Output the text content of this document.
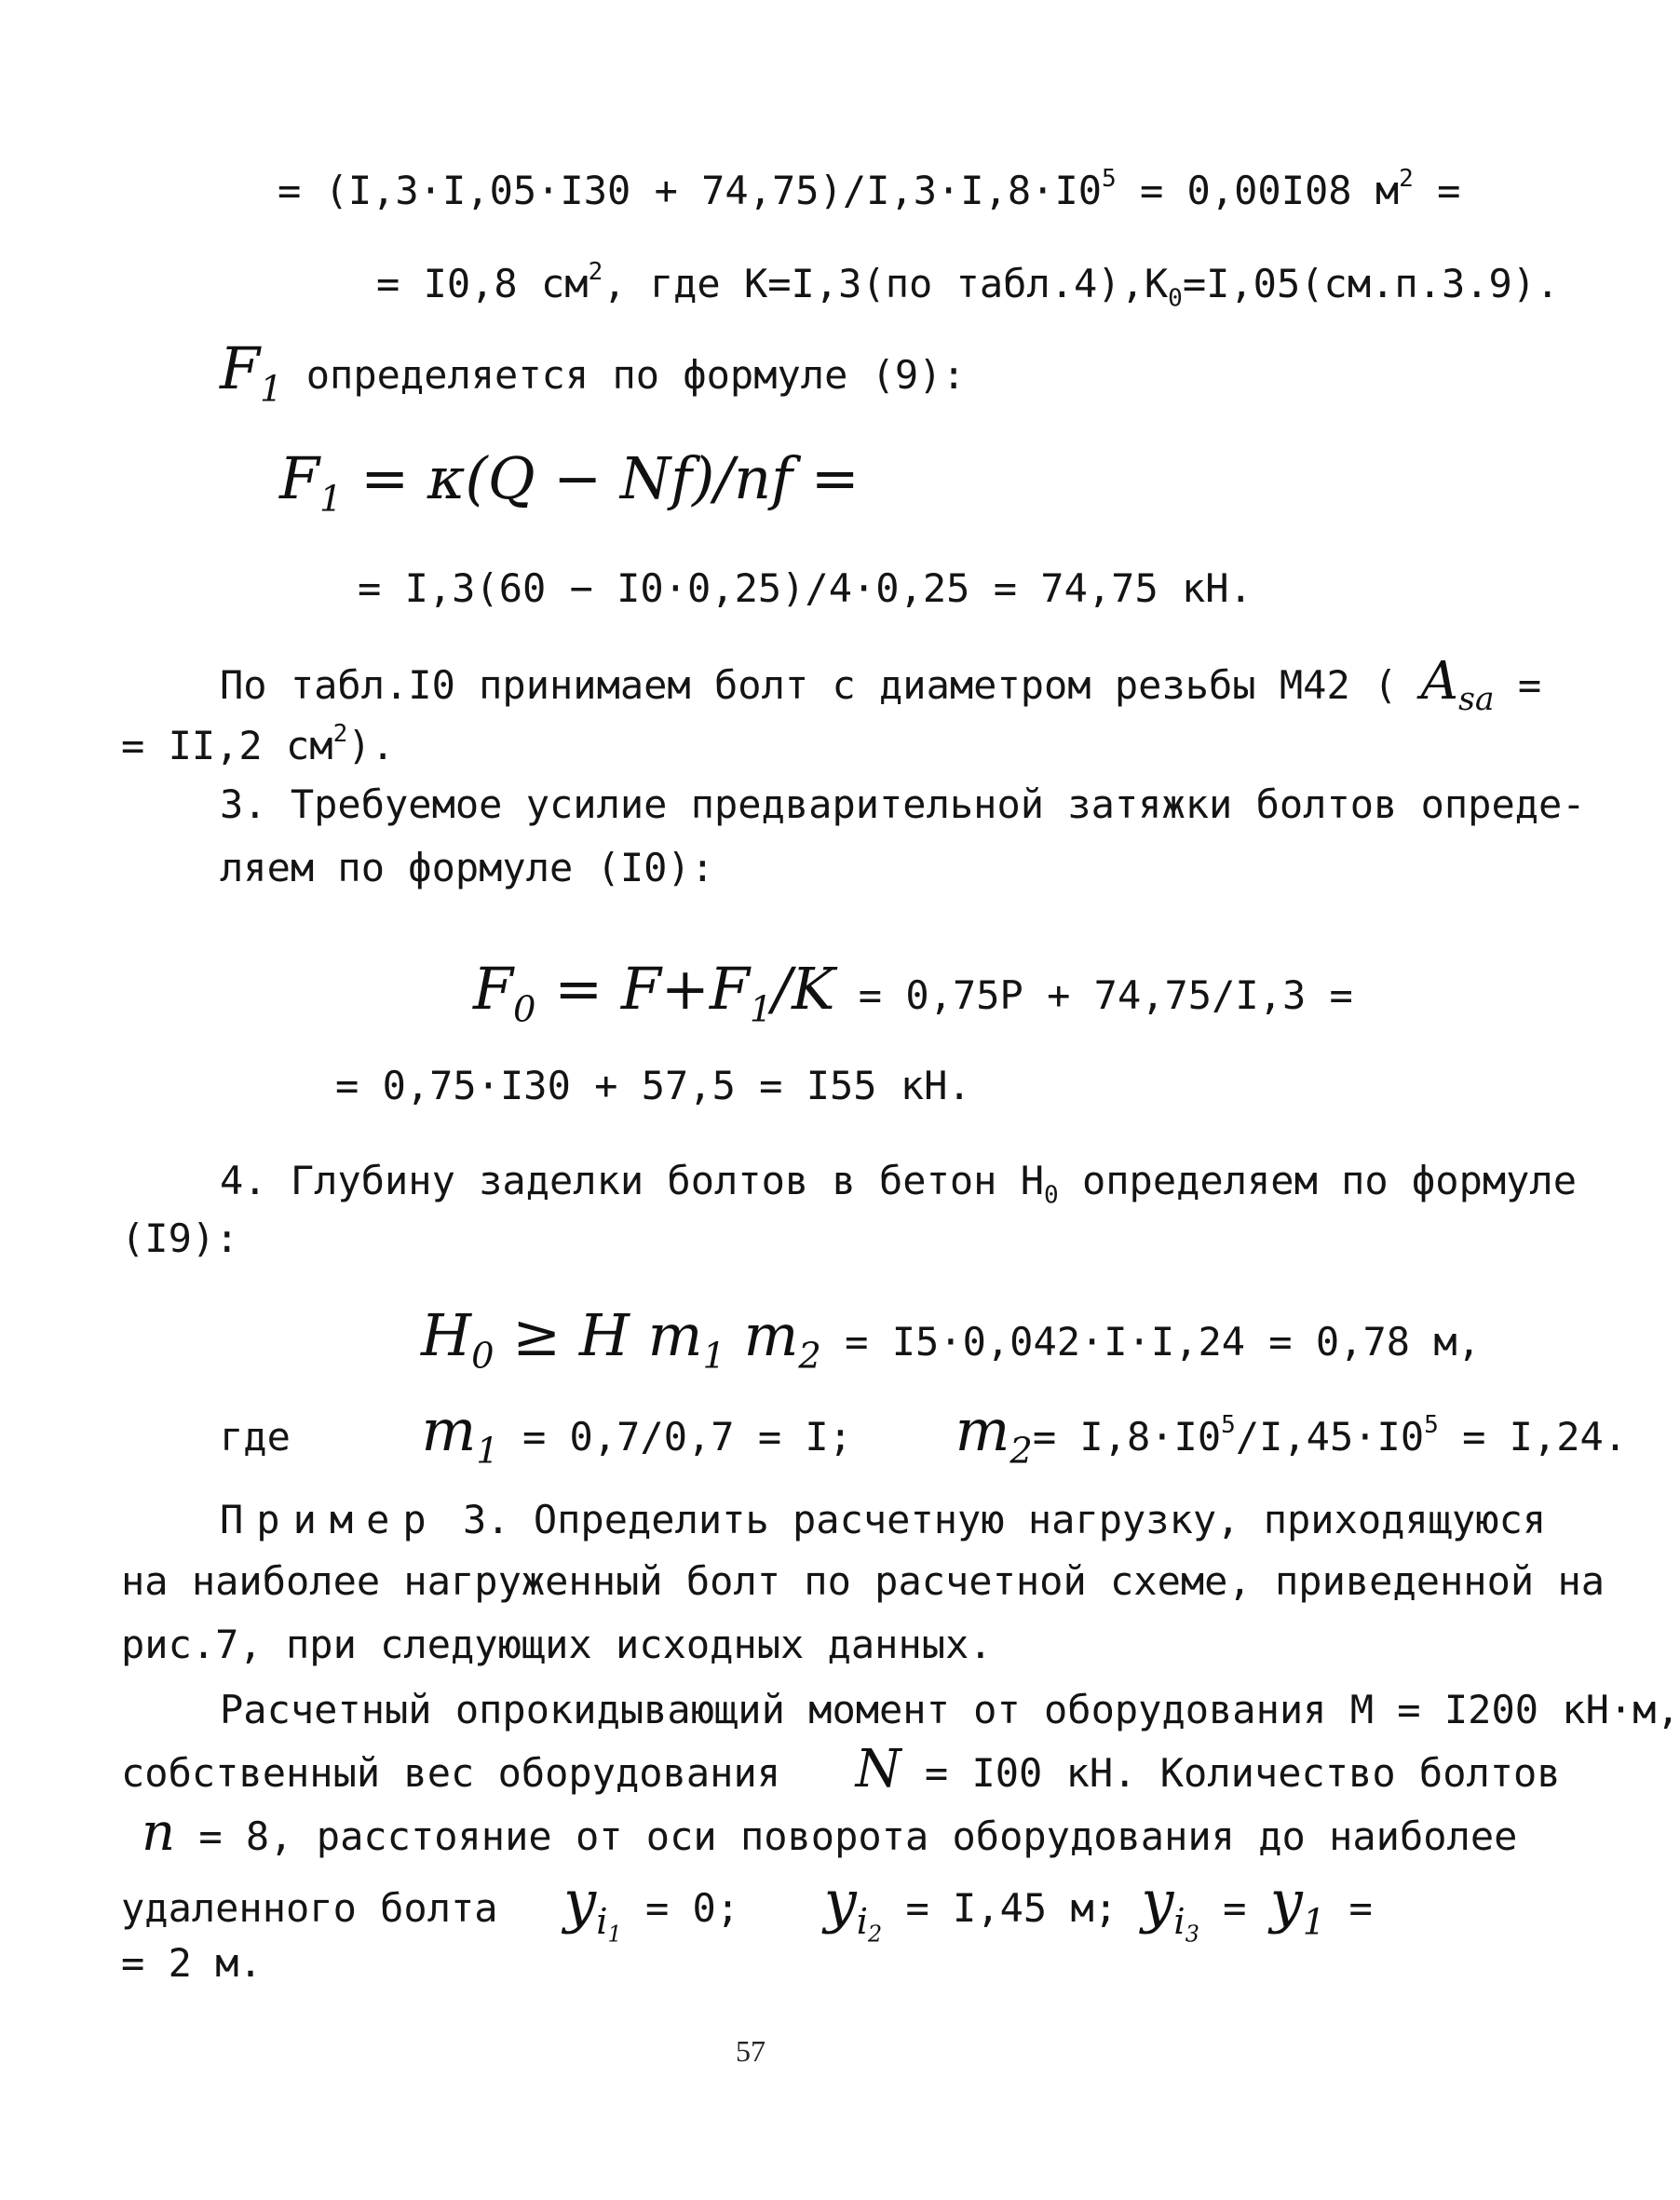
= $(I,3\cdot I,05\cdot I30 + 74,75)/I,3\cdot I,8\cdot I0^5 = 0,00I08$ $м^2$ =
= I0,8 $см^2$, где K=I,3(по $табл.4),K_0=I,05(см.п.3.9)$.
$F_1$ определяется по формуле (9):
$F_1 = \kappa(Q - Nf)/nf$ =
= I,3(60 − I0·0,25)/4·0,25 = 74,75 кН.
По табл.I0 принимаем болт с диаметром резьбы М42 ( $A_{sa}$ =
= II,2 $см^2$).
3. Требуемое усилие предварительной затяжки болтов опреде-
ляем по формуле (I0):
$F_0 = F+F_1/K = 0,75P + 74,75/I,3$ =
= 0,75·I30 + 57,5 = I55 кН.
4. Глубину заделки болтов в бетон $H_0$ определяем по формуле
(I9):
$H_0 \ge H$ $m_1$ $m_2 = I5\cdot 0,042\cdot I\cdot I,24 = 0,78$ м,
где $m_1 = 0,7/0,7 = I$; $m_2= I,8\cdot I0^5/I,45\cdot I0^5 = I,24$.
Пример 3. Определить расчетную нагрузку, приходящуюся
на наиболее нагруженный болт по расчетной схеме, приведенной на
рис.7, при следующих исходных данных.
Расчетный опрокидывающий момент от оборудования M = I200 кН·м,
собственный вес оборудования N = I00 кН. Количество болтов
n = 8, расстояние от оси поворота оборудования до наиболее
удаленного болта $y_{i_1} = 0$; $y_{i_2} = I,45$ м; $y_{i_3} = y_1$ =
= 2 м.
57
